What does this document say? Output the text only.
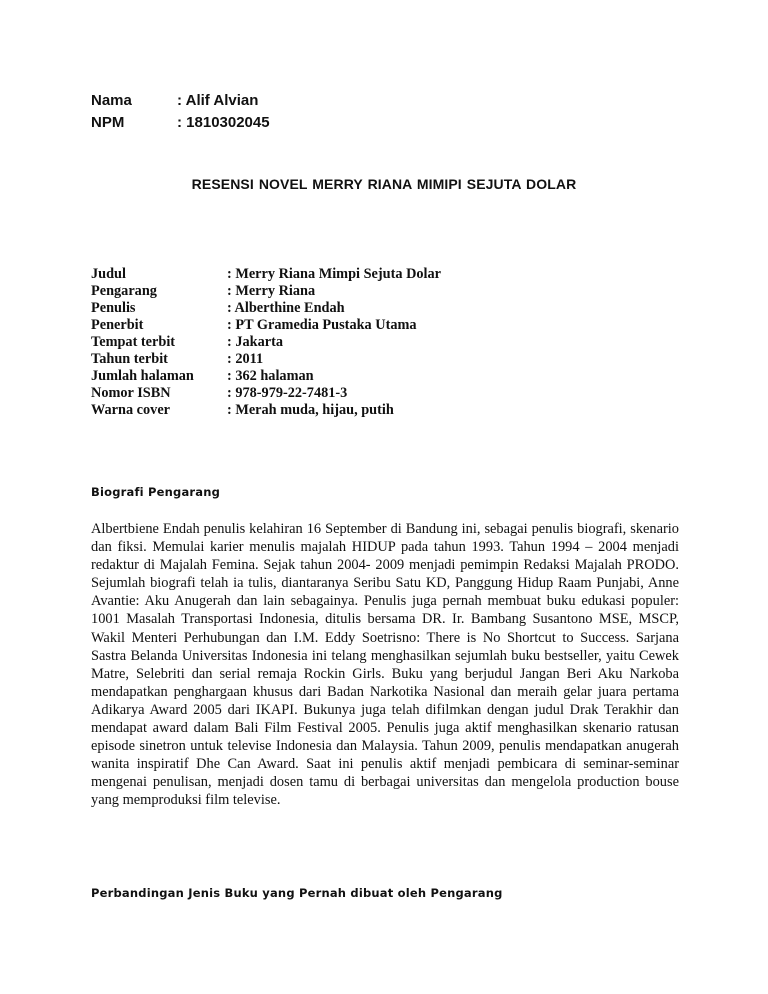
Nama	: Alif Alvian
NPM	: 1810302045
RESENSI NOVEL MERRY RIANA MIMIPI SEJUTA DOLAR
Judul	: Merry Riana Mimpi Sejuta Dolar
Pengarang	: Merry Riana
Penulis	: Alberthine Endah
Penerbit	: PT Gramedia Pustaka Utama
Tempat terbit	: Jakarta
Tahun terbit	: 2011
Jumlah halaman	: 362 halaman
Nomor ISBN	: 978-979-22-7481-3
Warna cover	: Merah muda, hijau, putih
Biografi Pengarang

Albertbiene Endah penulis kelahiran 16 September di Bandung ini, sebagai penulis biografi, skenario dan fiksi. Memulai karier menulis majalah HIDUP pada tahun 1993. Tahun 1994 – 2004 menjadi redaktur di Majalah Femina. Sejak tahun 2004- 2009 menjadi pemimpin Redaksi Majalah PRODO. Sejumlah biografi telah ia tulis, diantaranya Seribu Satu KD, Panggung Hidup Raam Punjabi, Anne Avantie: Aku Anugerah dan lain sebagainya. Penulis juga pernah membuat buku edukasi populer: 1001 Masalah Transportasi Indonesia, ditulis bersama DR. Ir. Bambang Susantono MSE, MSCP, Wakil Menteri Perhubungan dan I.M. Eddy Soetrisno: There is No Shortcut to Success. Sarjana Sastra Belanda Universitas Indonesia ini telang menghasilkan sejumlah buku bestseller, yaitu Cewek Matre, Selebriti dan serial remaja Rockin Girls. Buku yang berjudul Jangan Beri Aku Narkoba mendapatkan penghargaan khusus dari Badan Narkotika Nasional dan meraih gelar juara pertama Adikarya Award 2005 dari IKAPI. Bukunya juga telah difilmkan dengan judul Drak Terakhir dan mendapat award dalam Bali Film Festival 2005. Penulis juga aktif menghasilkan skenario ratusan episode sinetron untuk televise Indonesia dan Malaysia. Tahun 2009, penulis mendapatkan anugerah wanita inspiratif Dhe Can Award. Saat ini penulis aktif menjadi pembicara di seminar-seminar mengenai penulisan, menjadi dosen tamu di berbagai universitas dan mengelola production bouse yang memproduksi film televise.

Perbandingan Jenis Buku yang Pernah dibuat oleh Pengarang
